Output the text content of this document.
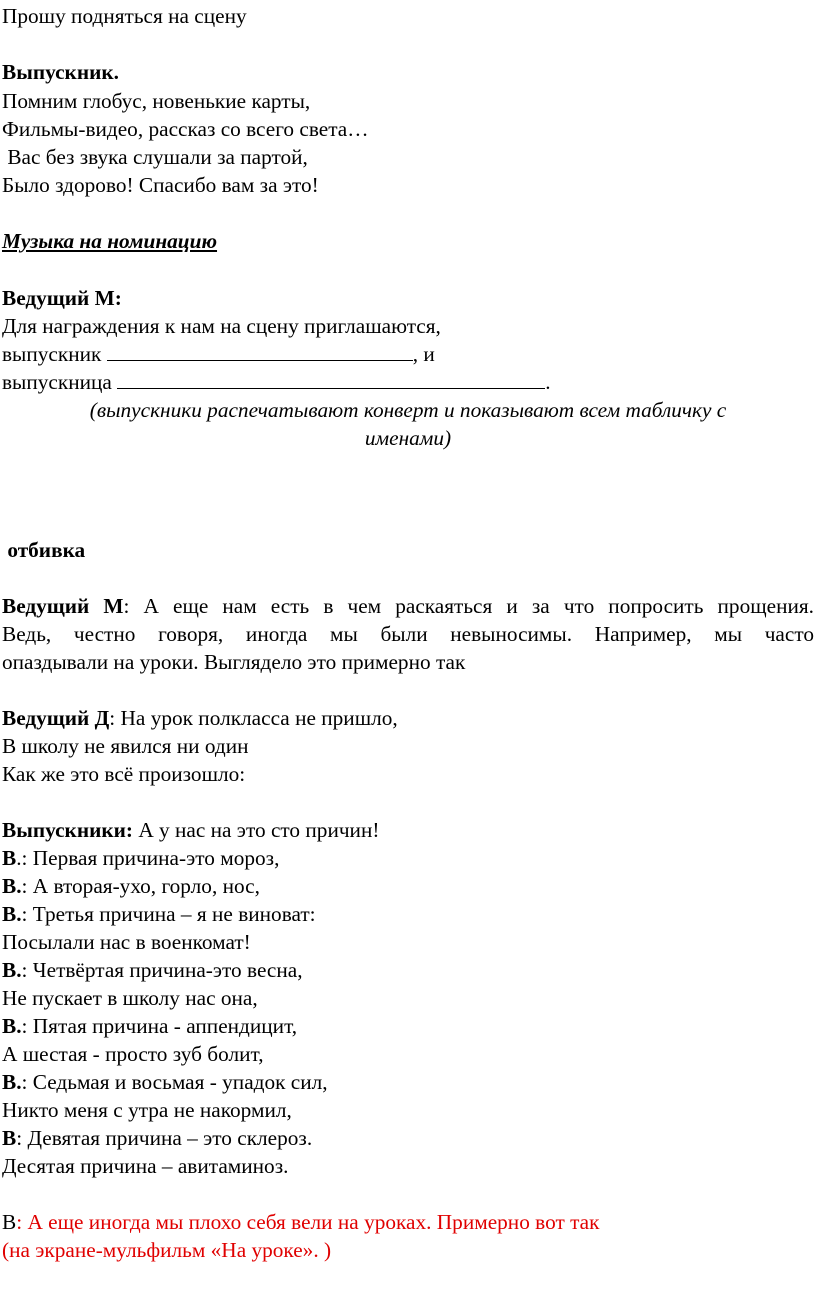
Прошу подняться на сцену
Выпускник.
Помним глобус, новенькие карты,
Фильмы-видео, рассказ со всего света…
Вас без звука слушали за партой,
Было здорово! Спасибо вам за это!
Музыка на номинацию
Ведущий М:
Для награждения к нам на сцену приглашаются,
выпускник	, и
выпускница	.
(выпускники распечатывают конверт и показывают всем табличку с
именами)
отбивка
Ведущий М: А еще нам есть в чем раскаяться и за что попросить прощения.
Ведь, честно говоря, иногда мы были невыносимы. Например, мы часто
опаздывали на уроки. Выглядело это примерно так
Ведущий Д: На урок полкласса не пришло,
В школу не явился ни один
Как же это всё произошло:
Выпускники: А у нас на это сто причин!
В.: Первая причина-это мороз,
В.: А вторая-ухо, горло, нос,
В.: Третья причина – я не виноват:
Посылали нас в военкомат!
В.: Четвёртая причина-это весна,
Не пускает в школу нас она,
В.: Пятая причина - аппендицит,
А шестая - просто зуб болит,
В.: Седьмая и восьмая - упадок сил,
Никто меня с утра не накормил,
В: Девятая причина – это склероз.
Десятая причина – авитаминоз.
В: А еще иногда мы плохо себя вели на уроках. Примерно вот так
(на экране-мульфильм «На уроке». )
